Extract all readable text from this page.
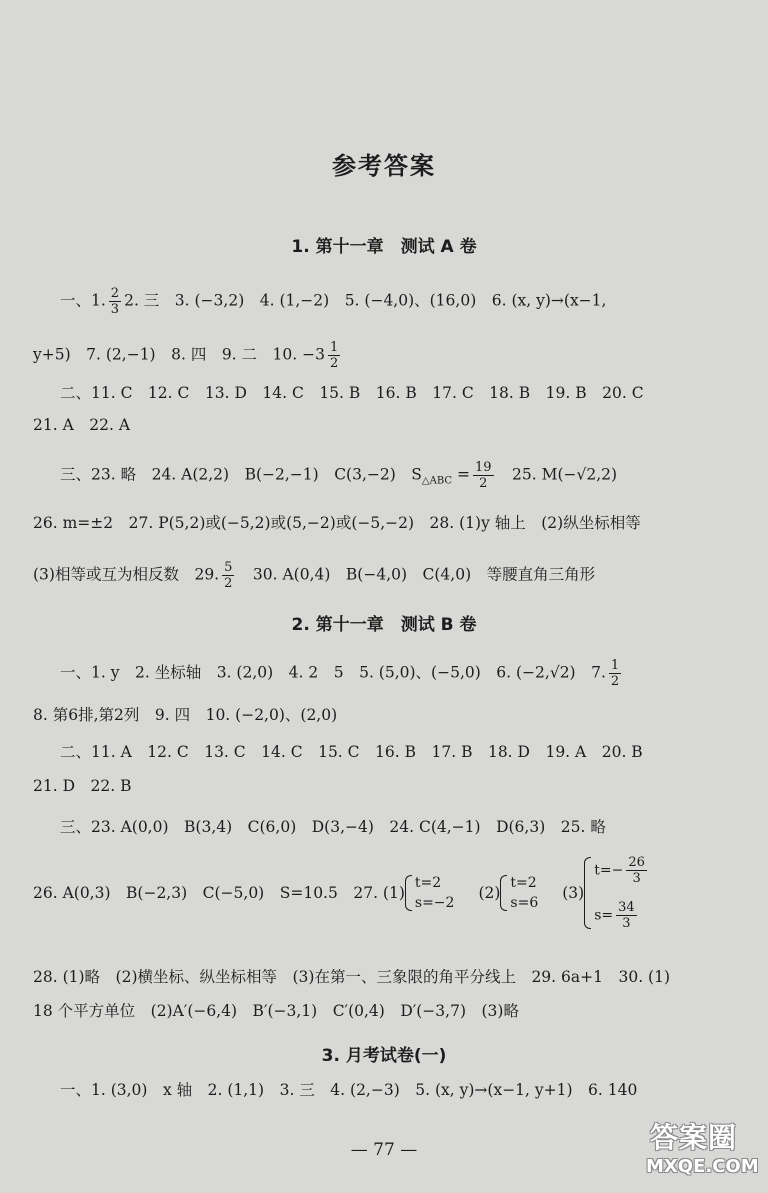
参考答案
1. 第十一章　测试 A 卷
一、1. $\frac{2}{3} 2$. 三　3. (−3,2)　4. (1,−2)　5. (−4,0)、(16,0)　6. (x, y)→(x−1,
y+5)　7. (2,−1)　8. 四　9. 二　10. $-3 \frac{1}{2}$
二、11. C　12. C　13. D　14. C　15. B　16. B　17. C　18. B　19. B　20. C
21. A　22. A
三、23. 略　24. A(2,2)　B(−2,−1)　C(3,−2)　$S_{\triangle ABC} = \frac{19}{2}$ 　25. M(−√2,2)
26. m=±2　27. P(5,2)或(−5,2)或(5,−2)或(−5,−2)　28. (1)y 轴上　(2)纵坐标相等
(3)相等或互为相反数　29. $\frac{5}{2}$ 　30. A(0,4)　B(−4,0)　C(4,0)　等腰直角三角形
2. 第十一章　测试 B 卷
一、1. y　2. 坐标轴　3. (2,0)　4. 2　5　5. (5,0)、(−5,0)　6. (−2,√2)　7. $\frac{1}{2}$
8. 第6排,第2列　9. 四　10. (−2,0)、(2,0)
二、11. A　12. C　13. C　14. C　15. C　16. B　17. B　18. D　19. A　20. B
21. D　22. B
三、23. A(0,0)　B(3,4)　C(6,0)　D(3,−4)　24. C(4,−1)　D(6,3)　25. 略
26. A(0,3)　B(−2,3)　C(−5,0)　S=10.5　27. (1)
t=2
s=−2
(2)
t=2
s=6
(3)
$t=- \frac{26}{3}$
$s= \frac{34}{3}$
28. (1)略　(2)横坐标、纵坐标相等　(3)在第一、三象限的角平分线上　29. 6a+1　30. (1)
18 个平方单位　(2)A′(−6,4)　B′(−3,1)　C′(0,4)　D′(−3,7)　(3)略
3. 月考试卷(一)
一、1. (3,0)　x 轴　2. (1,1)　3. 三　4. (2,−3)　5. (x, y)→(x−1, y+1)　6. 140
— 77 —	答案圈
MXQE.COM
